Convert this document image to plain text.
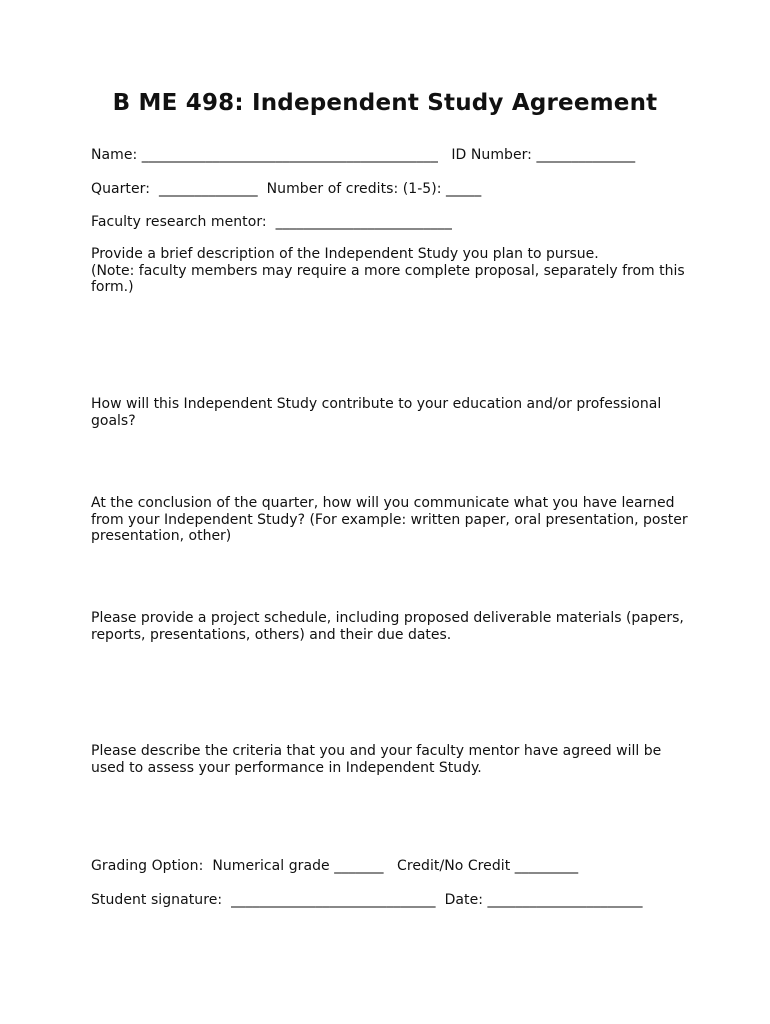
B ME 498: Independent Study Agreement
Name: __________________________________________   ID Number: ______________
Quarter:  ______________  Number of credits: (1-5): _____
Faculty research mentor:  _________________________
Provide a brief description of the Independent Study you plan to pursue.
(Note: faculty members may require a more complete proposal, separately from this form.)
How will this Independent Study contribute to your education and/or professional goals?
At the conclusion of the quarter, how will you communicate what you have learned from your Independent Study? (For example: written paper, oral presentation, poster presentation, other)
Please provide a project schedule, including proposed deliverable materials (papers, reports, presentations, others) and their due dates.
Please describe the criteria that you and your faculty mentor have agreed will be used to assess your performance in Independent Study.
Grading Option:  Numerical grade _______   Credit/No Credit _________
Student signature:  _____________________________  Date: ______________________
